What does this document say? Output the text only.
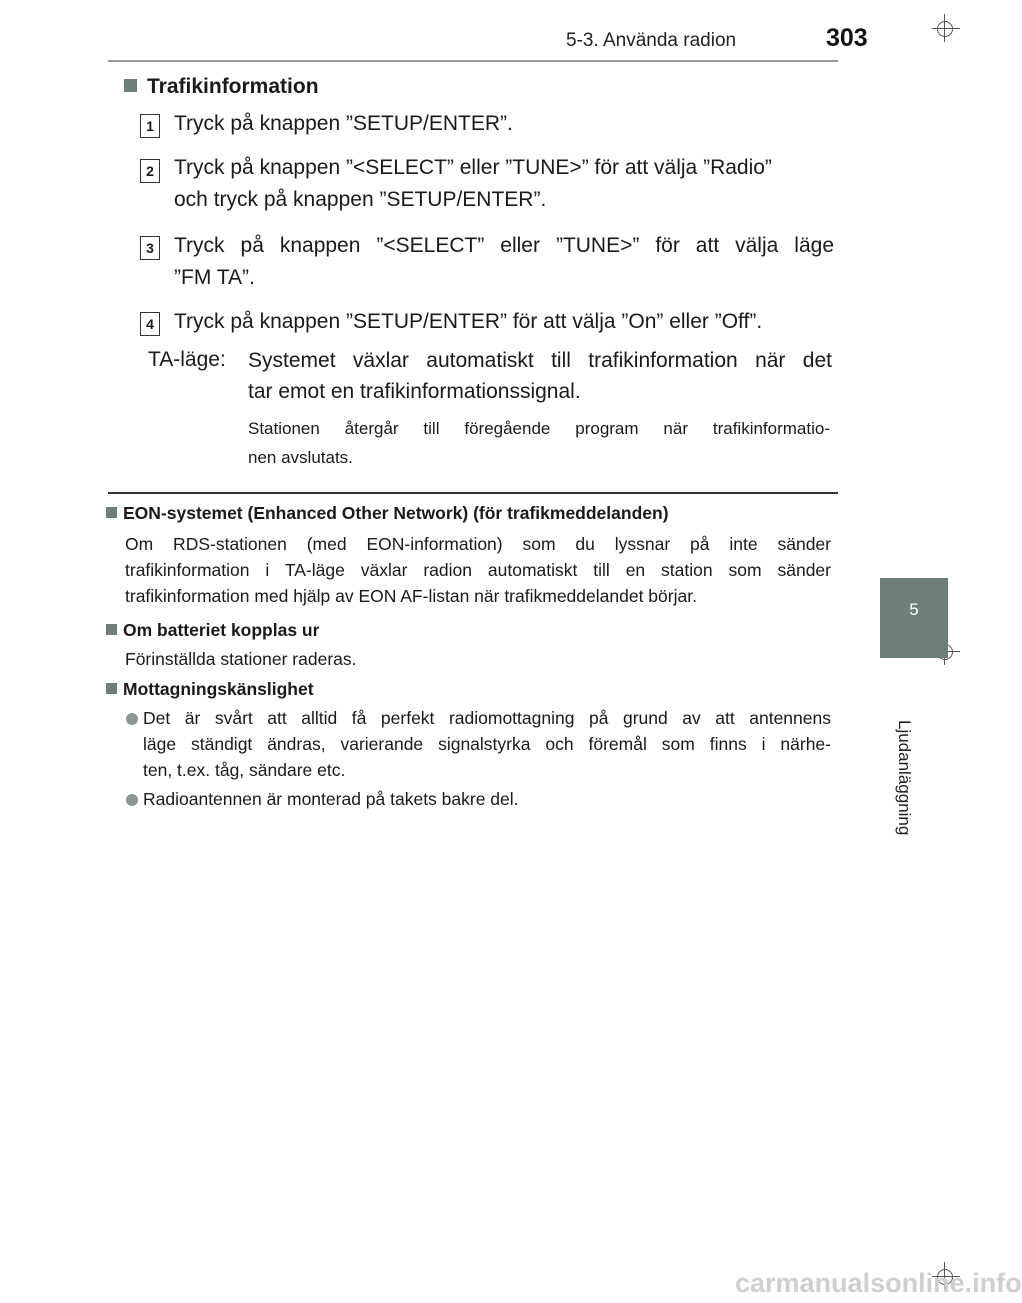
5-3. Använda radion	303
5
Ljudanläggning
Trafikinformation
1 Tryck på knappen ”SETUP/ENTER”.
2 Tryck på knappen ”<SELECT” eller ”TUNE>” för att välja ”Radio”
och tryck på knappen ”SETUP/ENTER”.
3 Tryck på knappen ”<SELECT” eller ”TUNE>” för att välja läge
”FM TA”.
4 Tryck på knappen ”SETUP/ENTER” för att välja ”On” eller ”Off”.
TA-läge: Systemet växlar automatiskt till trafikinformation när det
tar emot en trafikinformationssignal.
Stationen återgår till föregående program när trafikinformatio-
nen avslutats.
EON-systemet (Enhanced Other Network) (för trafikmeddelanden)
Om RDS-stationen (med EON-information) som du lyssnar på inte sänder
trafikinformation i TA-läge växlar radion automatiskt till en station som sänder
trafikinformation med hjälp av EON AF-listan när trafikmeddelandet börjar.
Om batteriet kopplas ur
Förinställda stationer raderas.
Mottagningskänslighet
Det är svårt att alltid få perfekt radiomottagning på grund av att antennens
läge ständigt ändras, varierande signalstyrka och föremål som finns i närhe-
ten, t.ex. tåg, sändare etc.
Radioantennen är monterad på takets bakre del.
carmanualsonline.info
